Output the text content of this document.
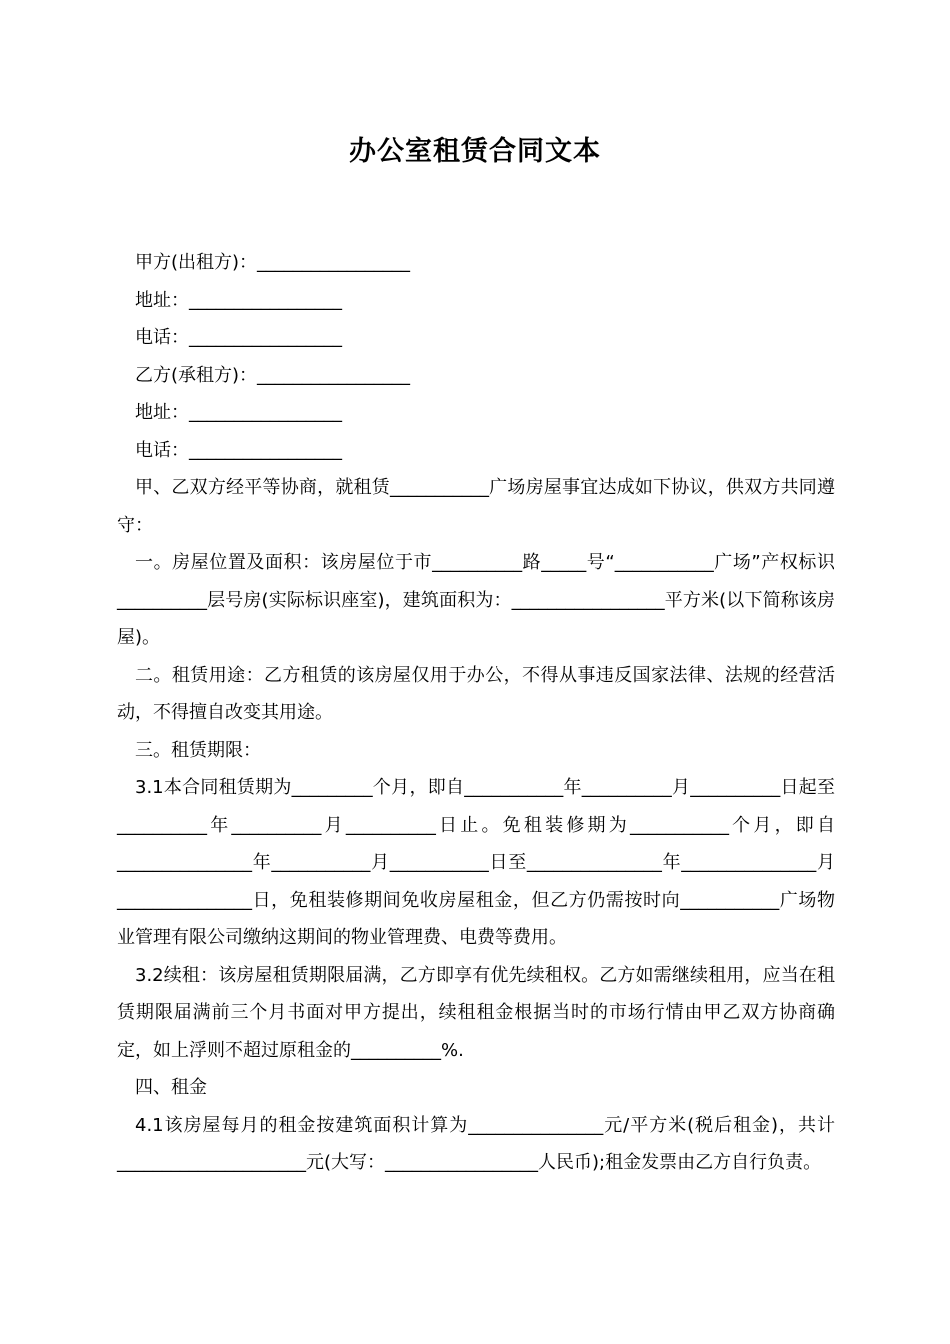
办公室租赁合同文本

甲方(出租方)：_________________

地址：_________________

电话：_________________

乙方(承租方)：_________________

地址：_________________

电话：_________________

甲、乙双方经平等协商，就租赁___________广场房屋事宜达成如下协议，供双方共同遵守：

一。房屋位置及面积：该房屋位于市__________路_____号“___________广场”产权标识__________层号房(实际标识座室)，建筑面积为：_________________平方米(以下简称该房屋)。

二。租赁用途：乙方租赁的该房屋仅用于办公，不得从事违反国家法律、法规的经营活动，不得擅自改变其用途。

三。租赁期限：

3.1本合同租赁期为_________个月，即自___________年__________月__________日起至__________年__________月__________日止。免租装修期为___________个月，即自_______________年___________月___________日至_______________年_______________月_______________日，免租装修期间免收房屋租金，但乙方仍需按时向___________广场物业管理有限公司缴纳这期间的物业管理费、电费等费用。

3.2续租：该房屋租赁期限届满，乙方即享有优先续租权。乙方如需继续租用，应当在租赁期限届满前三个月书面对甲方提出，续租租金根据当时的市场行情由甲乙双方协商确定，如上浮则不超过原租金的__________%.

四、租金

4.1该房屋每月的租金按建筑面积计算为_______________元/平方米(税后租金)，共计_____________________元(大写：_________________人民币);租金发票由乙方自行负责。
